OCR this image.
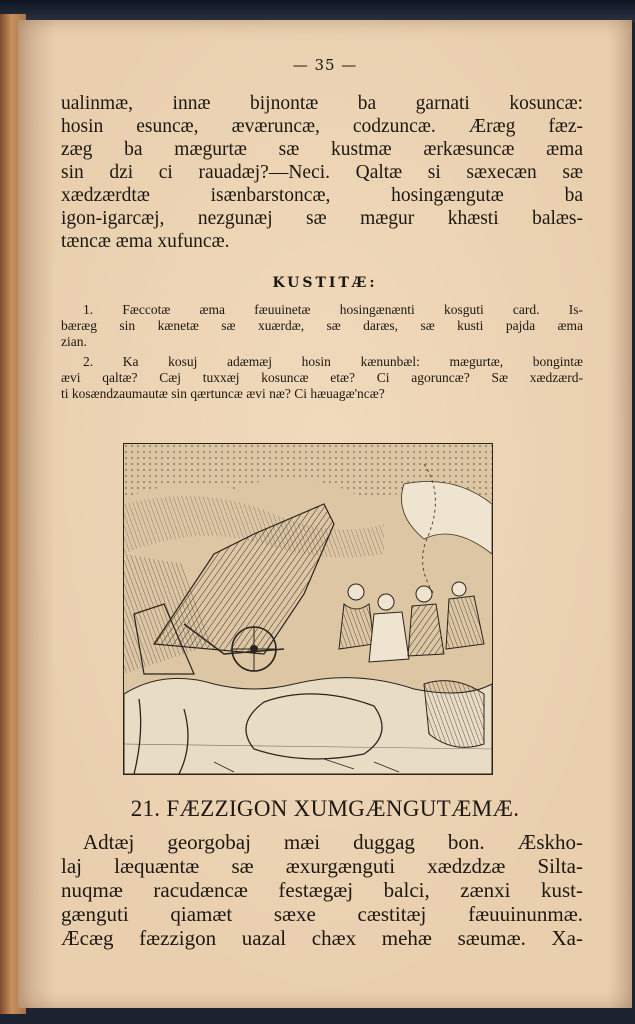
— 35 —
ualinmæ, innæ bijnontæ ba garnati kosuncæ:
hosin esuncæ, æværuncæ, codzuncæ. Æræg fæz-
zæg ba mægurtæ sæ kustmæ ærkæsuncæ æma
sin dzi ci rauadæj?—Neci. Qaltæ si sæxecæn sæ
xædzærdtæ isænbarstoncæ, hosingængutæ ba
igon-igarcæj, nezgunæj sæ mægur khæsti balæs-
tæncæ æma xufuncæ.
KUSTITÆ:
1. Fæccotæ æma fæuuinetæ hosingænænti kosguti card. Is-
bæræg sin kænetæ sæ xuærdæ, sæ daræs, sæ kusti pajda æma
zian.
2. Ka kosuj adæmæj hosin kænunbæl: mægurtæ, bongintæ
ævi qaltæ? Cæj tuxxæj kosuncæ etæ? Ci agoruncæ? Sæ xædzærd-
ti kosændzaumautæ sin qærtuncæ ævi næ? Ci hæuagæ'ncæ?
21. FÆZZIGON XUMGÆNGUTÆMÆ.
Adtæj georgobaj mæi duggag bon. Æskho-
laj læquæntæ sæ æxurgænguti xædzdzæ Silta-
nuqmæ racudæncæ festægæj balci, zænxi kust-
gænguti qiamæt sæxe cæstitæj fæuuinunmæ.
Æcæg fæzzigon uazal chæx mehæ sæumæ. Xa-
